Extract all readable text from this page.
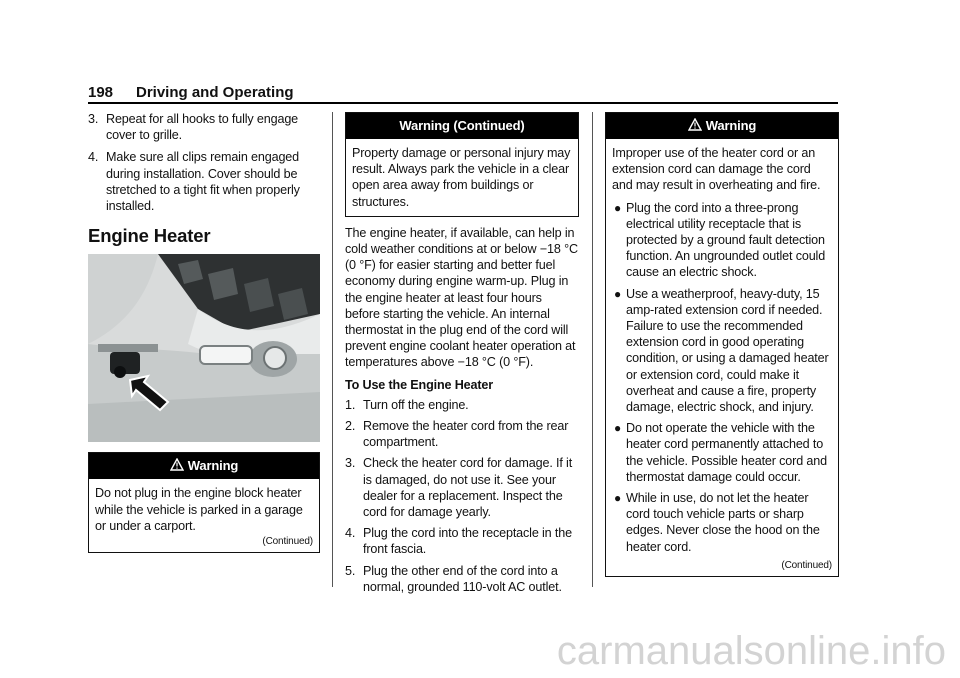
198 Driving and Operating
3. Repeat for all hooks to fully engage cover to grille.
4. Make sure all clips remain engaged during installation. Cover should be stretched to a tight fit when properly installed.
Engine Heater
Warning

Do not plug in the engine block heater while the vehicle is parked in a garage or under a carport.

(Continued)
Warning (Continued)

Property damage or personal injury may result. Always park the vehicle in a clear open area away from buildings or structures.

The engine heater, if available, can help in cold weather conditions at or below −18 °C (0 °F) for easier starting and better fuel economy during engine warm-up. Plug in the engine heater at least four hours before starting the vehicle. An internal thermostat in the plug end of the cord will prevent engine coolant heater operation at temperatures above −18 °C (0 °F).

To Use the Engine Heater

1. Turn off the engine.
2. Remove the heater cord from the rear compartment.
3. Check the heater cord for damage. If it is damaged, do not use it. See your dealer for a replacement. Inspect the cord for damage yearly.
4. Plug the cord into the receptacle in the front fascia.
5. Plug the other end of the cord into a normal, grounded 110-volt AC outlet.
Warning

Improper use of the heater cord or an extension cord can damage the cord and may result in overheating and fire.

● Plug the cord into a three-prong electrical utility receptacle that is protected by a ground fault detection function. An ungrounded outlet could cause an electric shock.
● Use a weatherproof, heavy-duty, 15 amp-rated extension cord if needed. Failure to use the recommended extension cord in good operating condition, or using a damaged heater or extension cord, could make it overheat and cause a fire, property damage, electric shock, and injury.
● Do not operate the vehicle with the heater cord permanently attached to the vehicle. Possible heater cord and thermostat damage could occur.
● While in use, do not let the heater cord touch vehicle parts or sharp edges. Never close the hood on the heater cord.
(Continued)
carmanualsonline.info
